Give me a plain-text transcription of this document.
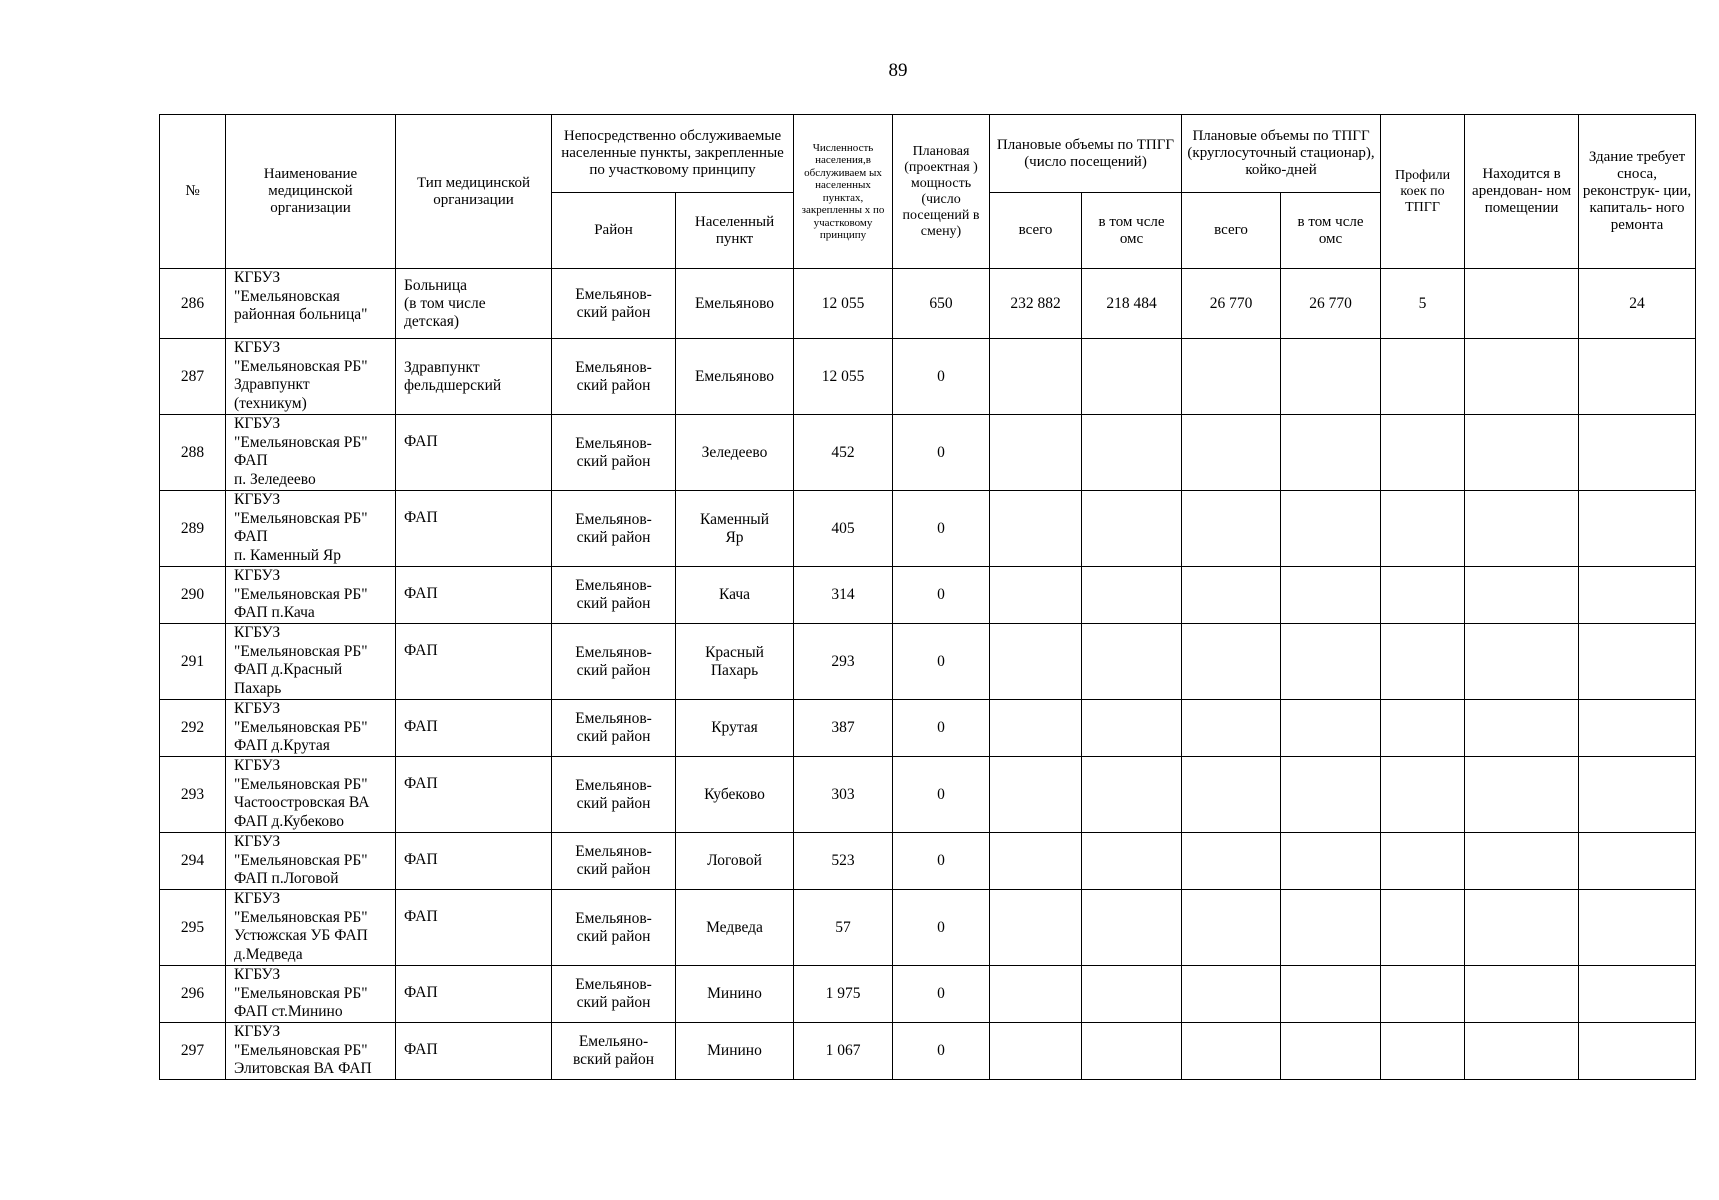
89
№	Наименование медицинской организации	Тип медицинской организации	Непосредственно обслуживаемые населенные пункты, закрепленные по участковому принципу		Численность населения,в обслуживаем ых населенных пунктах, закрепленны х по участковому принципу	Плановая (проектная ) мощность (число посещений в смену)	Плановые объемы по ТПГГ (число посещений)		Плановые объемы по ТПГГ (круглосуточный стационар), койко-дней		Профили коек по ТПГГ	Находится в арендован- ном помещении	Здание требует сноса, реконструк- ции, капиталь- ного ремонта
			Район	Населенный пункт			всего	в том чсле омс	всего	в том чсле омс			
286	КГБУЗ
"Емельяновская
районная больница"	Больница
(в том числе
детская)	Емельянов-
ский район	Емельяново	12 055	650	232 882	218 484	26 770	26 770	5		24
287	КГБУЗ
"Емельяновская РБ"
Здравпункт
(техникум)	Здравпункт
фельдшерский	Емельянов-
ский район	Емельяново	12 055	0							
288	КГБУЗ
"Емельяновская РБ"
ФАП
п. Зеледеево	ФАП	Емельянов-
ский район	Зеледеево	452	0							
289	КГБУЗ
"Емельяновская РБ"
ФАП
п. Каменный Яр	ФАП	Емельянов-
ский район	Каменный
Яр	405	0							
290	КГБУЗ
"Емельяновская РБ"
ФАП п.Кача	ФАП	Емельянов-
ский район	Кача	314	0							
291	КГБУЗ
"Емельяновская РБ"
ФАП д.Красный
Пахарь	ФАП	Емельянов-
ский район	Красный
Пахарь	293	0							
292	КГБУЗ
"Емельяновская РБ"
ФАП д.Крутая	ФАП	Емельянов-
ский район	Крутая	387	0							
293	КГБУЗ
"Емельяновская РБ"
Частоостровская ВА
ФАП д.Кубеково	ФАП	Емельянов-
ский район	Кубеково	303	0							
294	КГБУЗ
"Емельяновская РБ"
ФАП п.Логовой	ФАП	Емельянов-
ский район	Логовой	523	0							
295	КГБУЗ
"Емельяновская РБ"
Устюжская УБ ФАП
д.Медведа	ФАП	Емельянов-
ский район	Медведа	57	0							
296	КГБУЗ
"Емельяновская РБ"
ФАП ст.Минино	ФАП	Емельянов-
ский район	Минино	1 975	0							
297	КГБУЗ
"Емельяновская РБ"
Элитовская ВА ФАП	ФАП	Емельяно-
вский район	Минино	1 067	0							
